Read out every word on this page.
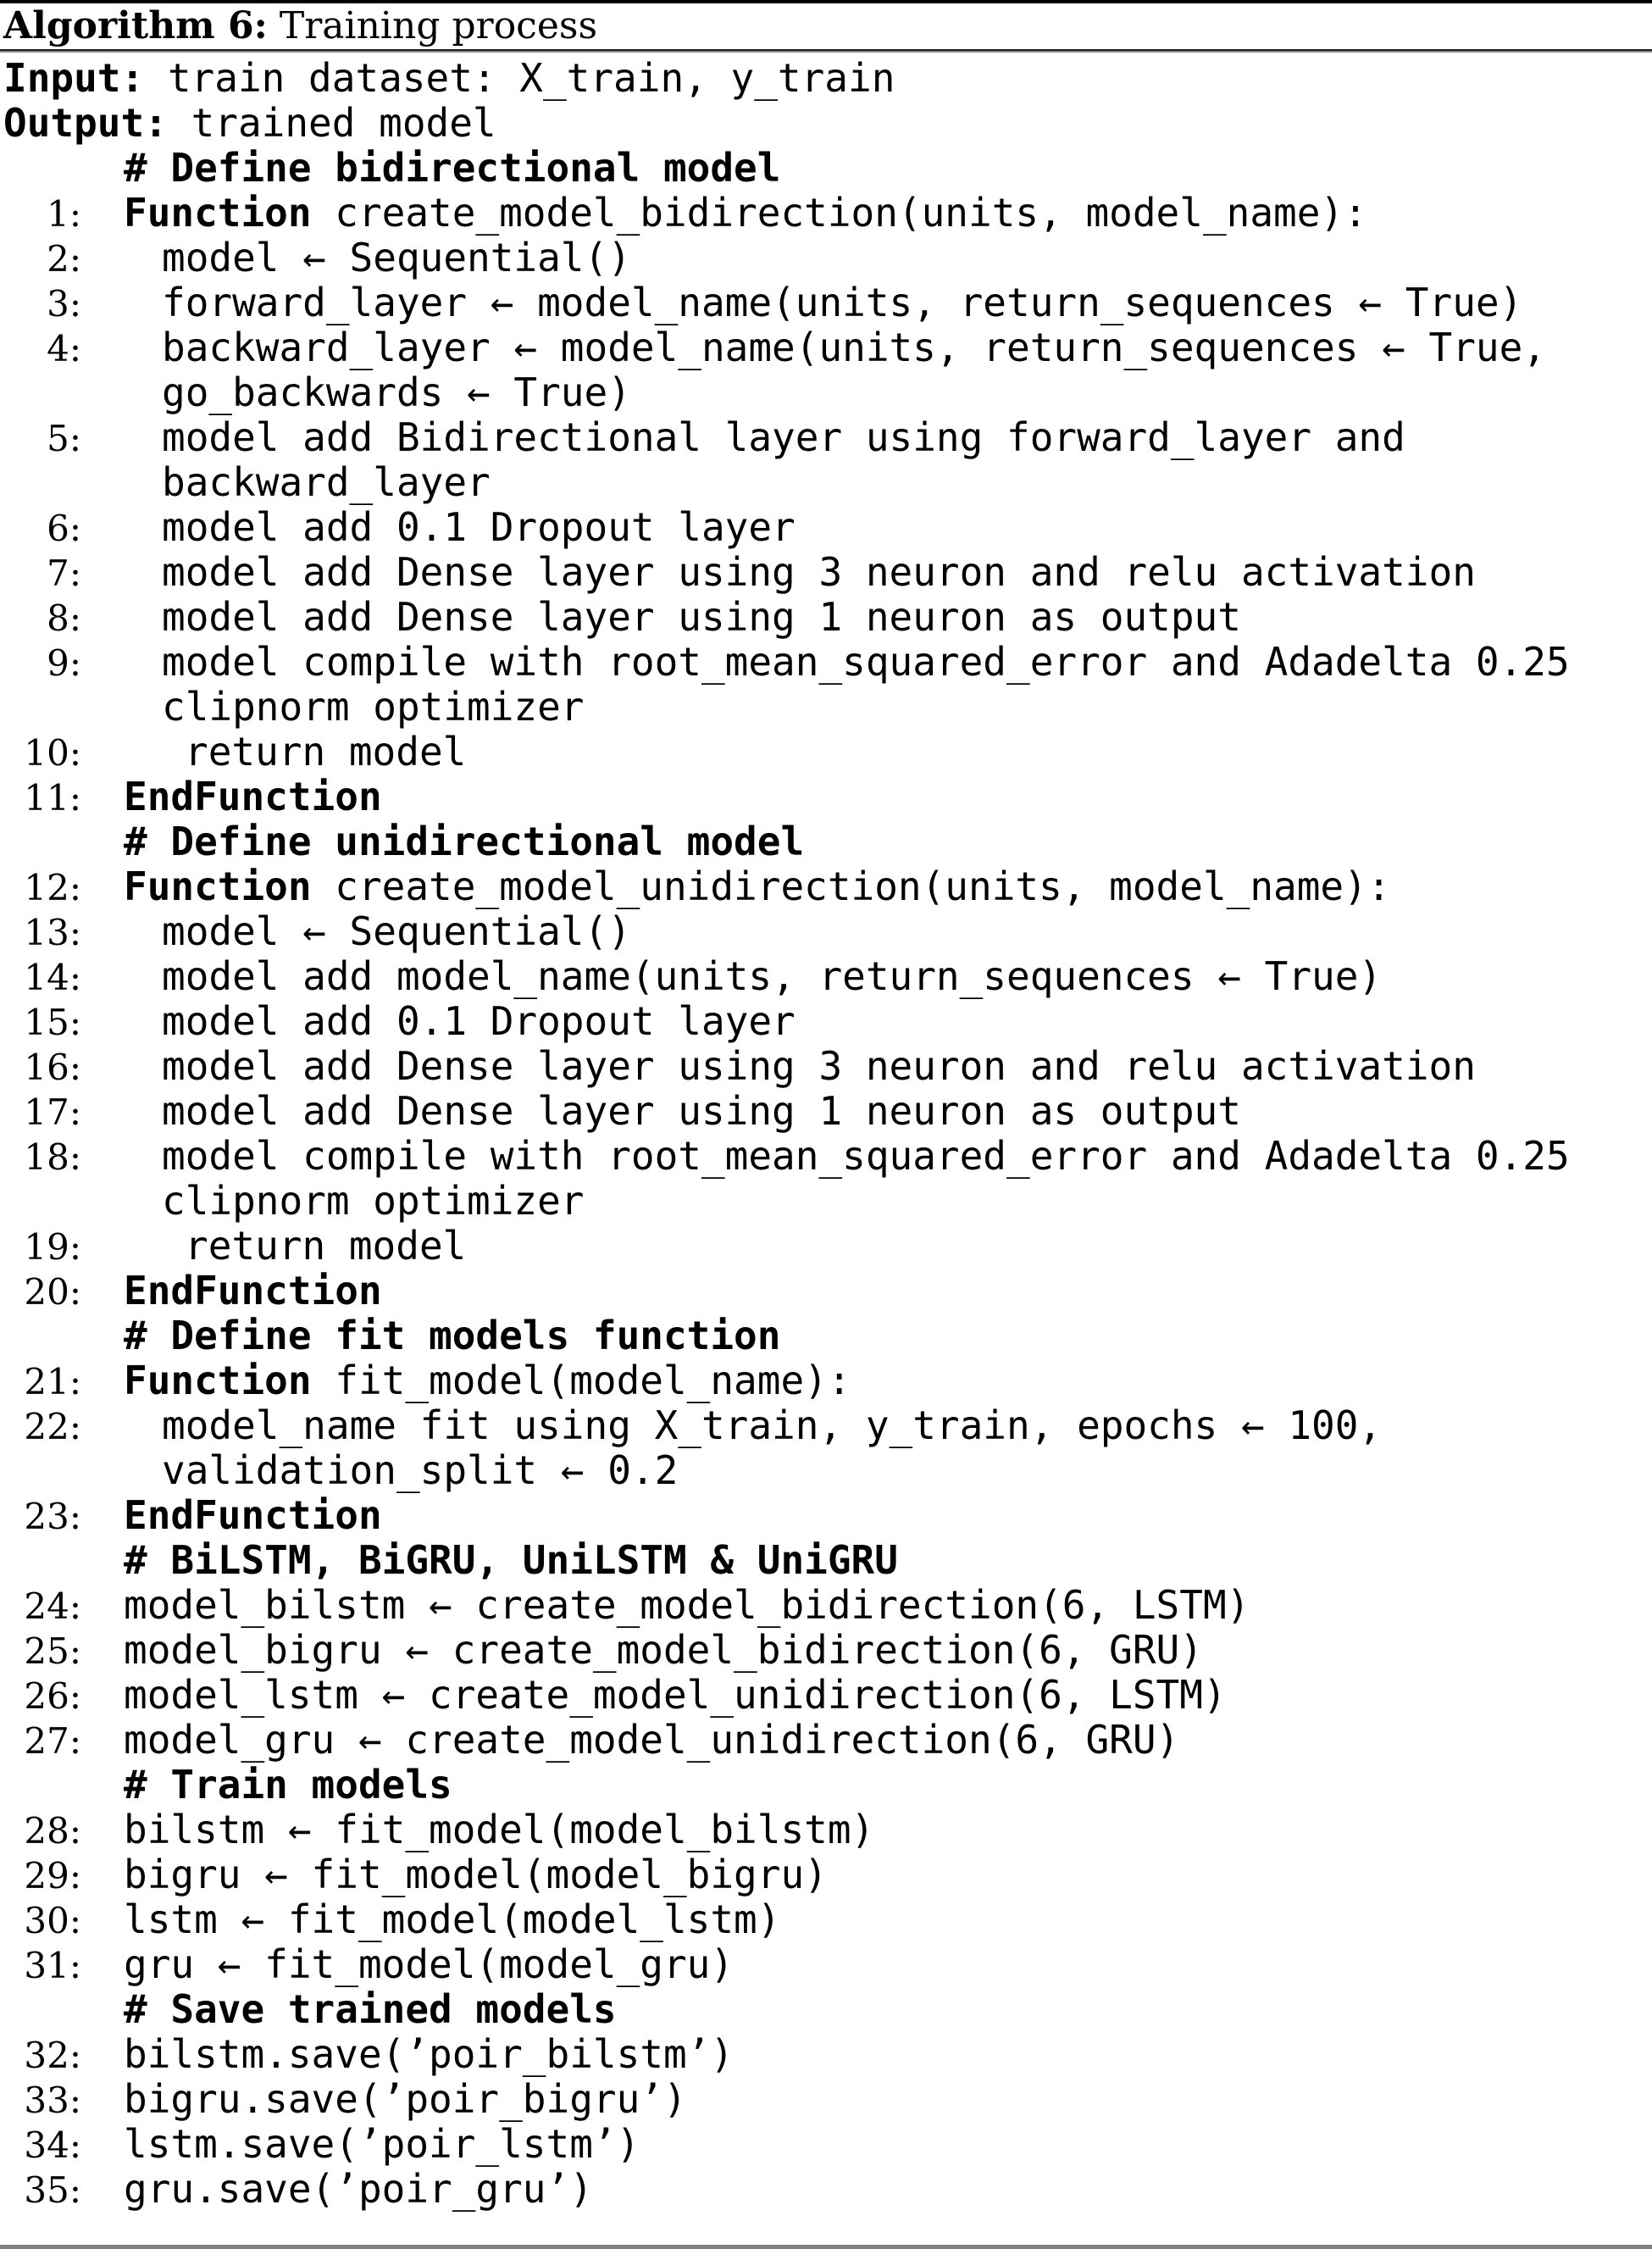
Algorithm 6: Training process
Input: train dataset: X_train, y_train
Output: trained model
# Define bidirectional model
1:	Function create_model_bidirection(units, model_name):
2:	model ← Sequential()
3:	forward_layer ← model_name(units, return_sequences ← True)
4:	backward_layer ← model_name(units, return_sequences ← True,
go_backwards ← True)
5:	model add Bidirectional layer using forward_layer and
backward_layer
6:	model add 0.1 Dropout layer
7:	model add Dense layer using 3 neuron and relu activation
8:	model add Dense layer using 1 neuron as output
9:	model compile with root_mean_squared_error and Adadelta 0.25
clipnorm optimizer
10:	return model
11:	EndFunction
# Define unidirectional model
12:	Function create_model_unidirection(units, model_name):
13:	model ← Sequential()
14:	model add model_name(units, return_sequences ← True)
15:	model add 0.1 Dropout layer
16:	model add Dense layer using 3 neuron and relu activation
17:	model add Dense layer using 1 neuron as output
18:	model compile with root_mean_squared_error and Adadelta 0.25
clipnorm optimizer
19:	return model
20:	EndFunction
# Define fit models function
21:	Function fit_model(model_name):
22:	model_name fit using X_train, y_train, epochs ← 100,
validation_split ← 0.2
23:	EndFunction
# BiLSTM, BiGRU, UniLSTM & UniGRU
24:	model_bilstm ← create_model_bidirection(6, LSTM)
25:	model_bigru ← create_model_bidirection(6, GRU)
26:	model_lstm ← create_model_unidirection(6, LSTM)
27:	model_gru ← create_model_unidirection(6, GRU)
# Train models
28:	bilstm ← fit_model(model_bilstm)
29:	bigru ← fit_model(model_bigru)
30:	lstm ← fit_model(model_lstm)
31:	gru ← fit_model(model_gru)
# Save trained models
32:	bilstm.save(’poir_bilstm’)
33:	bigru.save(’poir_bigru’)
34:	lstm.save(’poir_lstm’)
35:	gru.save(’poir_gru’)
